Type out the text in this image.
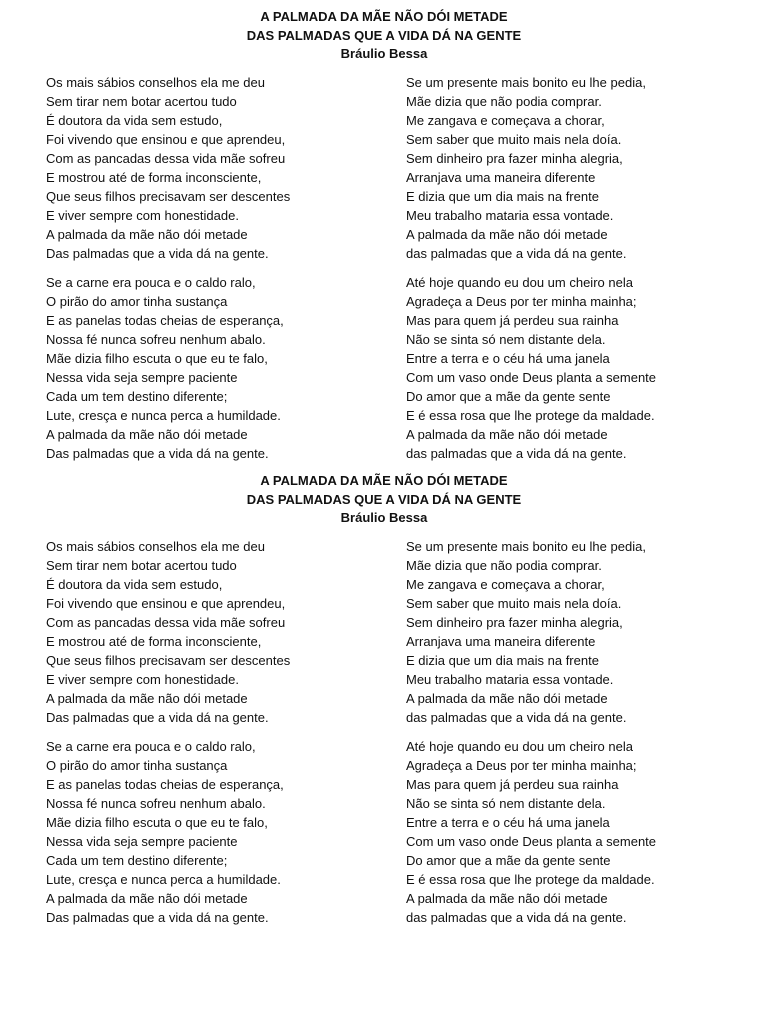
A PALMADA DA MÃE NÃO DÓI METADE
DAS PALMADAS QUE A VIDA DÁ NA GENTE
Bráulio Bessa
Os mais sábios conselhos ela me deu
Sem tirar nem botar acertou tudo
É doutora da vida sem estudo,
Foi vivendo que ensinou e que aprendeu,
Com as pancadas dessa vida mãe sofreu
E mostrou até de forma inconsciente,
Que seus filhos precisavam ser descentes
E viver sempre com honestidade.
A palmada da mãe não dói metade
Das palmadas que a vida dá na gente.
Se um presente mais bonito eu lhe pedia,
Mãe dizia que não podia comprar.
Me zangava e começava a chorar,
Sem saber que muito mais nela doía.
Sem dinheiro pra fazer minha alegria,
Arranjava uma maneira diferente
E dizia que um dia mais na frente
Meu trabalho mataria essa vontade.
A palmada da mãe não dói metade
das palmadas que a vida dá na gente.
Se a carne era pouca e o caldo ralo,
O pirão do amor tinha sustança
E as panelas todas cheias de esperança,
Nossa fé nunca sofreu nenhum abalo.
Mãe dizia filho escuta o que eu te falo,
Nessa vida seja sempre paciente
Cada um tem destino diferente;
Lute, cresça e nunca perca a humildade.
A palmada da mãe não dói metade
Das palmadas que a vida dá na gente.
Até hoje quando eu dou um cheiro nela
Agradeça a Deus por ter minha mainha;
Mas para quem já perdeu sua rainha
Não se sinta só nem distante dela.
Entre a terra e o céu há uma janela
Com um vaso onde Deus planta a semente
Do amor que a mãe da gente sente
E é essa rosa que lhe protege da maldade.
A palmada da mãe não dói metade
das palmadas que a vida dá na gente.
A PALMADA DA MÃE NÃO DÓI METADE
DAS PALMADAS QUE A VIDA DÁ NA GENTE
Bráulio Bessa
Os mais sábios conselhos ela me deu
Sem tirar nem botar acertou tudo
É doutora da vida sem estudo,
Foi vivendo que ensinou e que aprendeu,
Com as pancadas dessa vida mãe sofreu
E mostrou até de forma inconsciente,
Que seus filhos precisavam ser descentes
E viver sempre com honestidade.
A palmada da mãe não dói metade
Das palmadas que a vida dá na gente.
Se um presente mais bonito eu lhe pedia,
Mãe dizia que não podia comprar.
Me zangava e começava a chorar,
Sem saber que muito mais nela doía.
Sem dinheiro pra fazer minha alegria,
Arranjava uma maneira diferente
E dizia que um dia mais na frente
Meu trabalho mataria essa vontade.
A palmada da mãe não dói metade
das palmadas que a vida dá na gente.
Se a carne era pouca e o caldo ralo,
O pirão do amor tinha sustança
E as panelas todas cheias de esperança,
Nossa fé nunca sofreu nenhum abalo.
Mãe dizia filho escuta o que eu te falo,
Nessa vida seja sempre paciente
Cada um tem destino diferente;
Lute, cresça e nunca perca a humildade.
A palmada da mãe não dói metade
Das palmadas que a vida dá na gente.
Até hoje quando eu dou um cheiro nela
Agradeça a Deus por ter minha mainha;
Mas para quem já perdeu sua rainha
Não se sinta só nem distante dela.
Entre a terra e o céu há uma janela
Com um vaso onde Deus planta a semente
Do amor que a mãe da gente sente
E é essa rosa que lhe protege da maldade.
A palmada da mãe não dói metade
das palmadas que a vida dá na gente.
